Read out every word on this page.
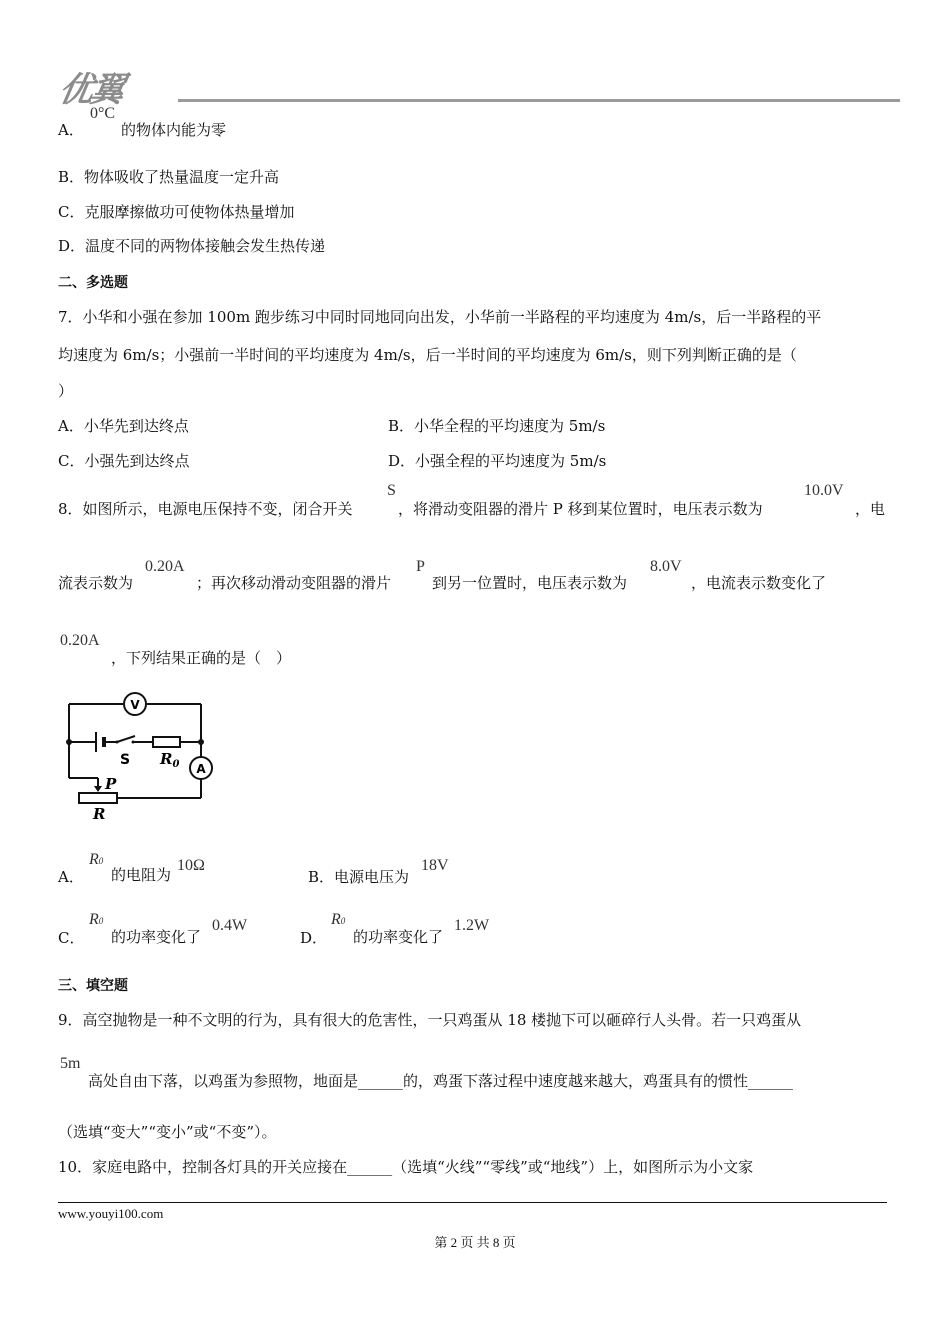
优翼
A．
0°C
的物体内能为零
B．物体吸收了热量温度一定升高
C．克服摩擦做功可使物体热量增加
D．温度不同的两物体接触会发生热传递
二、多选题
7．小华和小强在参加 100m 跑步练习中同时同地同向出发，小华前一半路程的平均速度为 4m/s，后一半路程的平
均速度为 6m/s；小强前一半时间的平均速度为 4m/s，后一半时间的平均速度为 6m/s，则下列判断正确的是（
）
A．小华先到达终点	B．小华全程的平均速度为 5m/s
C．小强先到达终点	D．小强全程的平均速度为 5m/s
8．如图所示，电源电压保持不变，闭合开关
S
，将滑动变阻器的滑片 P 移到某位置时，电压表示数为
10.0V
，电
流表示数为
0.20A
；再次移动滑动变阻器的滑片
P
到另一位置时，电压表示数为
8.0V
，电流表示数变化了
0.20A
，下列结果正确的是（　）
V
S $R_0$ A
P
R
A．
R0
的电阻为
10Ω
B．电源电压为
18V
C．
R0
的功率变化了
0.4W
D．
R0
的功率变化了
1.2W
三、填空题
9．高空抛物是一种不文明的行为，具有很大的危害性，一只鸡蛋从 18 楼抛下可以砸碎行人头骨。若一只鸡蛋从
5m
高处自由下落，以鸡蛋为参照物，地面是______的，鸡蛋下落过程中速度越来越大，鸡蛋具有的惯性______
（选填“变大”“变小”或“不变”）。
10．家庭电路中，控制各灯具的开关应接在______（选填“火线”“零线”或“地线”）上，如图所示为小文家
www.youyi100.com
第 2 页 共 8 页
